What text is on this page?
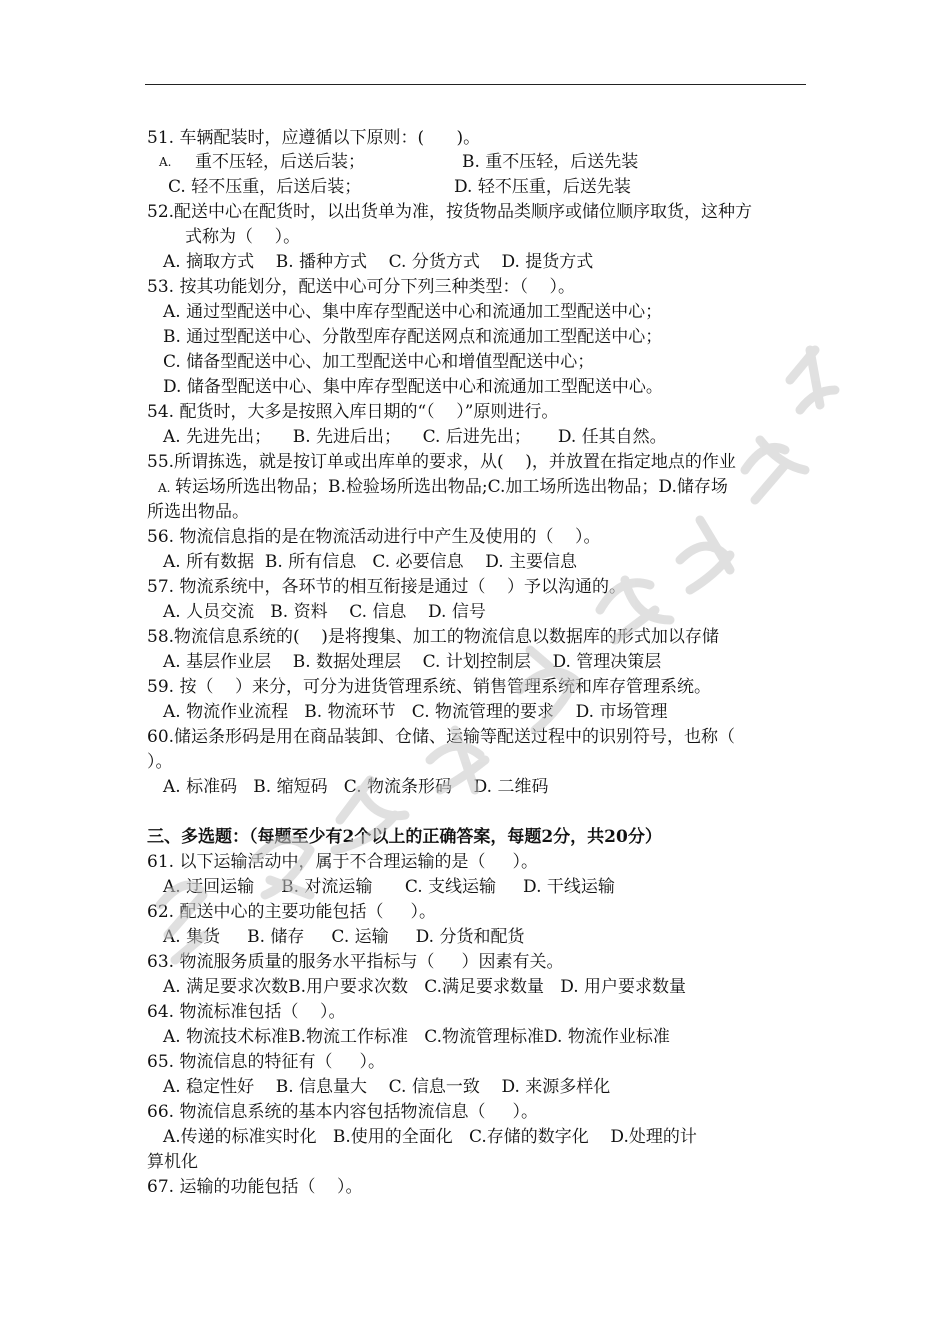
51. 车辆配装时，应遵循以下原则：(      )。
A. 重不压轻，后送后装；	B. 重不压轻，后送先装
C. 轻不压重，后送后装；	D. 轻不压重，后送先装
52.配送中心在配货时，以出货单为准，按货物品类顺序或储位顺序取货，这种方
式称为（    ）。
A. 摘取方式    B. 播种方式    C. 分货方式    D. 提货方式
53. 按其功能划分，配送中心可分下列三种类型：（    ）。
A. 通过型配送中心、集中库存型配送中心和流通加工型配送中心；
B. 通过型配送中心、分散型库存配送网点和流通加工型配送中心；
C. 储备型配送中心、加工型配送中心和增值型配送中心；
D. 储备型配送中心、集中库存型配送中心和流通加工型配送中心。
54. 配货时，大多是按照入库日期的“（    ）”原则进行。
A. 先进先出；    B. 先进后出；    C. 后进先出；     D. 任其自然。
55.所谓拣选，就是按订单或出库单的要求，从(    )，并放置在指定地点的作业
A. 转运场所选出物品；B.检验场所选出物品;C.加工场所选出物品；D.储存场
所选出物品。
56. 物流信息指的是在物流活动进行中产生及使用的（    ）。
A. 所有数据  B. 所有信息   C. 必要信息    D. 主要信息
57. 物流系统中，各环节的相互衔接是通过（    ）予以沟通的。
A. 人员交流   B. 资料    C. 信息    D. 信号
58.物流信息系统的(    )是将搜集、加工的物流信息以数据库的形式加以存储
A. 基层作业层    B. 数据处理层    C. 计划控制层    D. 管理决策层
59. 按（    ）来分，可分为进货管理系统、销售管理系统和库存管理系统。
A. 物流作业流程   B. 物流环节   C. 物流管理的要求    D. 市场管理
60.储运条形码是用在商品装卸、仓储、运输等配送过程中的识别符号，也称（
）。
A. 标准码   B. 缩短码   C. 物流条形码    D. 二维码
三、多选题：（每题至少有2个以上的正确答案，每题2分，共20分）
61. 以下运输活动中，属于不合理运输的是（     ）。
A. 迂回运输     B. 对流运输      C. 支线运输     D. 干线运输
62. 配送中心的主要功能包括（     ）。
A. 集货     B. 储存     C. 运输     D. 分货和配货
63. 物流服务质量的服务水平指标与（     ）因素有关。
A. 满足要求次数B.用户要求次数   C.满足要求数量   D. 用户要求数量
64. 物流标准包括（    ）。
A. 物流技术标准B.物流工作标准   C.物流管理标准D. 物流作业标准
65. 物流信息的特征有（     ）。
A. 稳定性好    B. 信息量大    C. 信息一致    D. 来源多样化
66. 物流信息系统的基本内容包括物流信息（     ）。
A.传递的标准实时化   B.使用的全面化   C.存储的数字化    D.处理的计
算机化
67. 运输的功能包括（    ）。
